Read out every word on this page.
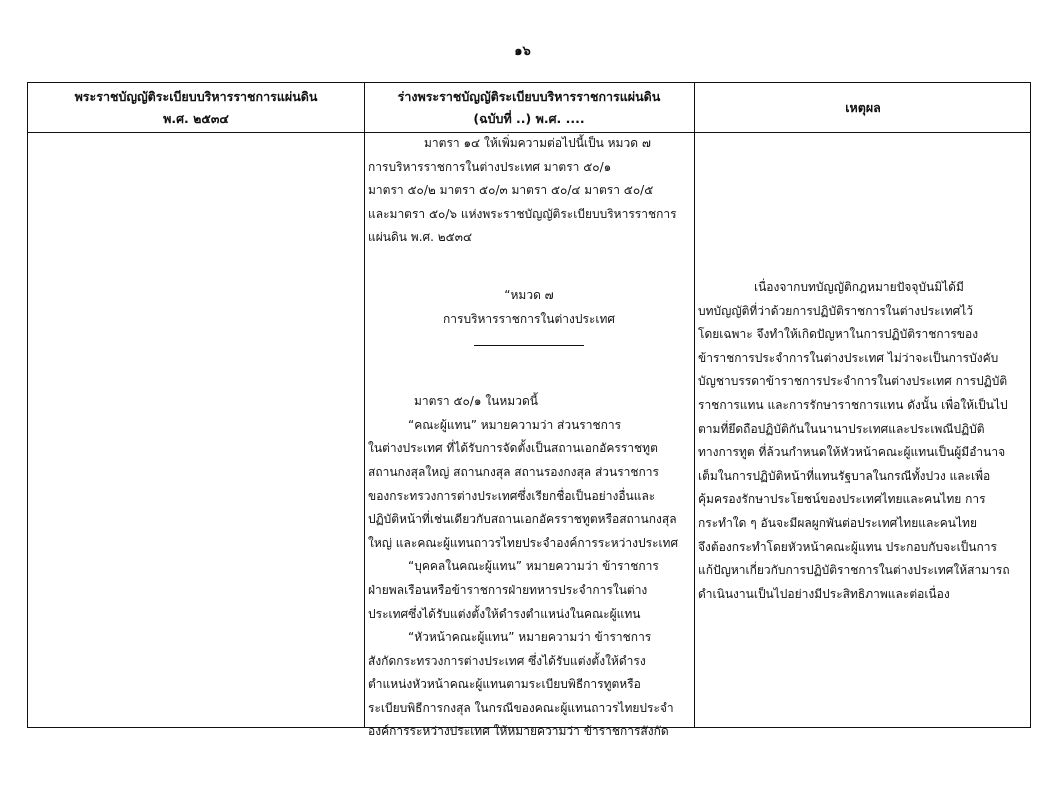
๑๖
พระราชบัญญัติระเบียบบริหารราชการแผ่นดิน
พ.ศ. ๒๕๓๔
ร่างพระราชบัญญัติระเบียบบริหารราชการแผ่นดิน
(ฉบับที่ ..) พ.ศ. ....
เหตุผล
มาตรา ๑๔ ให้เพิ่มความต่อไปนี้เป็น หมวด ๗
การบริหารราชการในต่างประเทศ มาตรา ๕๐/๑
มาตรา ๕๐/๒ มาตรา ๕๐/๓ มาตรา ๕๐/๔ มาตรา ๕๐/๕
และมาตรา ๕๐/๖ แห่งพระราชบัญญัติระเบียบบริหารราชการ
แผ่นดิน พ.ศ. ๒๕๓๔
“หมวด ๗
การบริหารราชการในต่างประเทศ
มาตรา ๕๐/๑ ในหมวดนี้
“คณะผู้แทน” หมายความว่า ส่วนราชการ
ในต่างประเทศ ที่ได้รับการจัดตั้งเป็นสถานเอกอัครราชทูต
สถานกงสุลใหญ่ สถานกงสุล สถานรองกงสุล ส่วนราชการ
ของกระทรวงการต่างประเทศซึ่งเรียกชื่อเป็นอย่างอื่นและ
ปฏิบัติหน้าที่เช่นเดียวกับสถานเอกอัครราชทูตหรือสถานกงสุล
ใหญ่ และคณะผู้แทนถาวรไทยประจำองค์การระหว่างประเทศ
“บุคคลในคณะผู้แทน” หมายความว่า ข้าราชการ
ฝ่ายพลเรือนหรือข้าราชการฝ่ายทหารประจำการในต่าง
ประเทศซึ่งได้รับแต่งตั้งให้ดำรงตำแหน่งในคณะผู้แทน
“หัวหน้าคณะผู้แทน” หมายความว่า ข้าราชการ
สังกัดกระทรวงการต่างประเทศ ซึ่งได้รับแต่งตั้งให้ดำรง
ตำแหน่งหัวหน้าคณะผู้แทนตามระเบียบพิธีการทูตหรือ
ระเบียบพิธีการกงสุล ในกรณีของคณะผู้แทนถาวรไทยประจำ
องค์การระหว่างประเทศ ให้หมายความว่า ข้าราชการสังกัด
เนื่องจากบทบัญญัติกฎหมายปัจจุบันมิได้มี
บทบัญญัติที่ว่าด้วยการปฏิบัติราชการในต่างประเทศไว้
โดยเฉพาะ จึงทำให้เกิดปัญหาในการปฏิบัติราชการของ
ข้าราชการประจำการในต่างประเทศ ไม่ว่าจะเป็นการบังคับ
บัญชาบรรดาข้าราชการประจำการในต่างประเทศ การปฏิบัติ
ราชการแทน และการรักษาราชการแทน ดังนั้น เพื่อให้เป็นไป
ตามที่ยึดถือปฏิบัติกันในนานาประเทศและประเพณีปฏิบัติ
ทางการทูต ที่ล้วนกำหนดให้หัวหน้าคณะผู้แทนเป็นผู้มีอำนาจ
เต็มในการปฏิบัติหน้าที่แทนรัฐบาลในกรณีทั้งปวง และเพื่อ
คุ้มครองรักษาประโยชน์ของประเทศไทยและคนไทย การ
กระทำใด ๆ อันจะมีผลผูกพันต่อประเทศไทยและคนไทย
จึงต้องกระทำโดยหัวหน้าคณะผู้แทน ประกอบกับจะเป็นการ
แก้ปัญหาเกี่ยวกับการปฏิบัติราชการในต่างประเทศให้สามารถ
ดำเนินงานเป็นไปอย่างมีประสิทธิภาพและต่อเนื่อง
